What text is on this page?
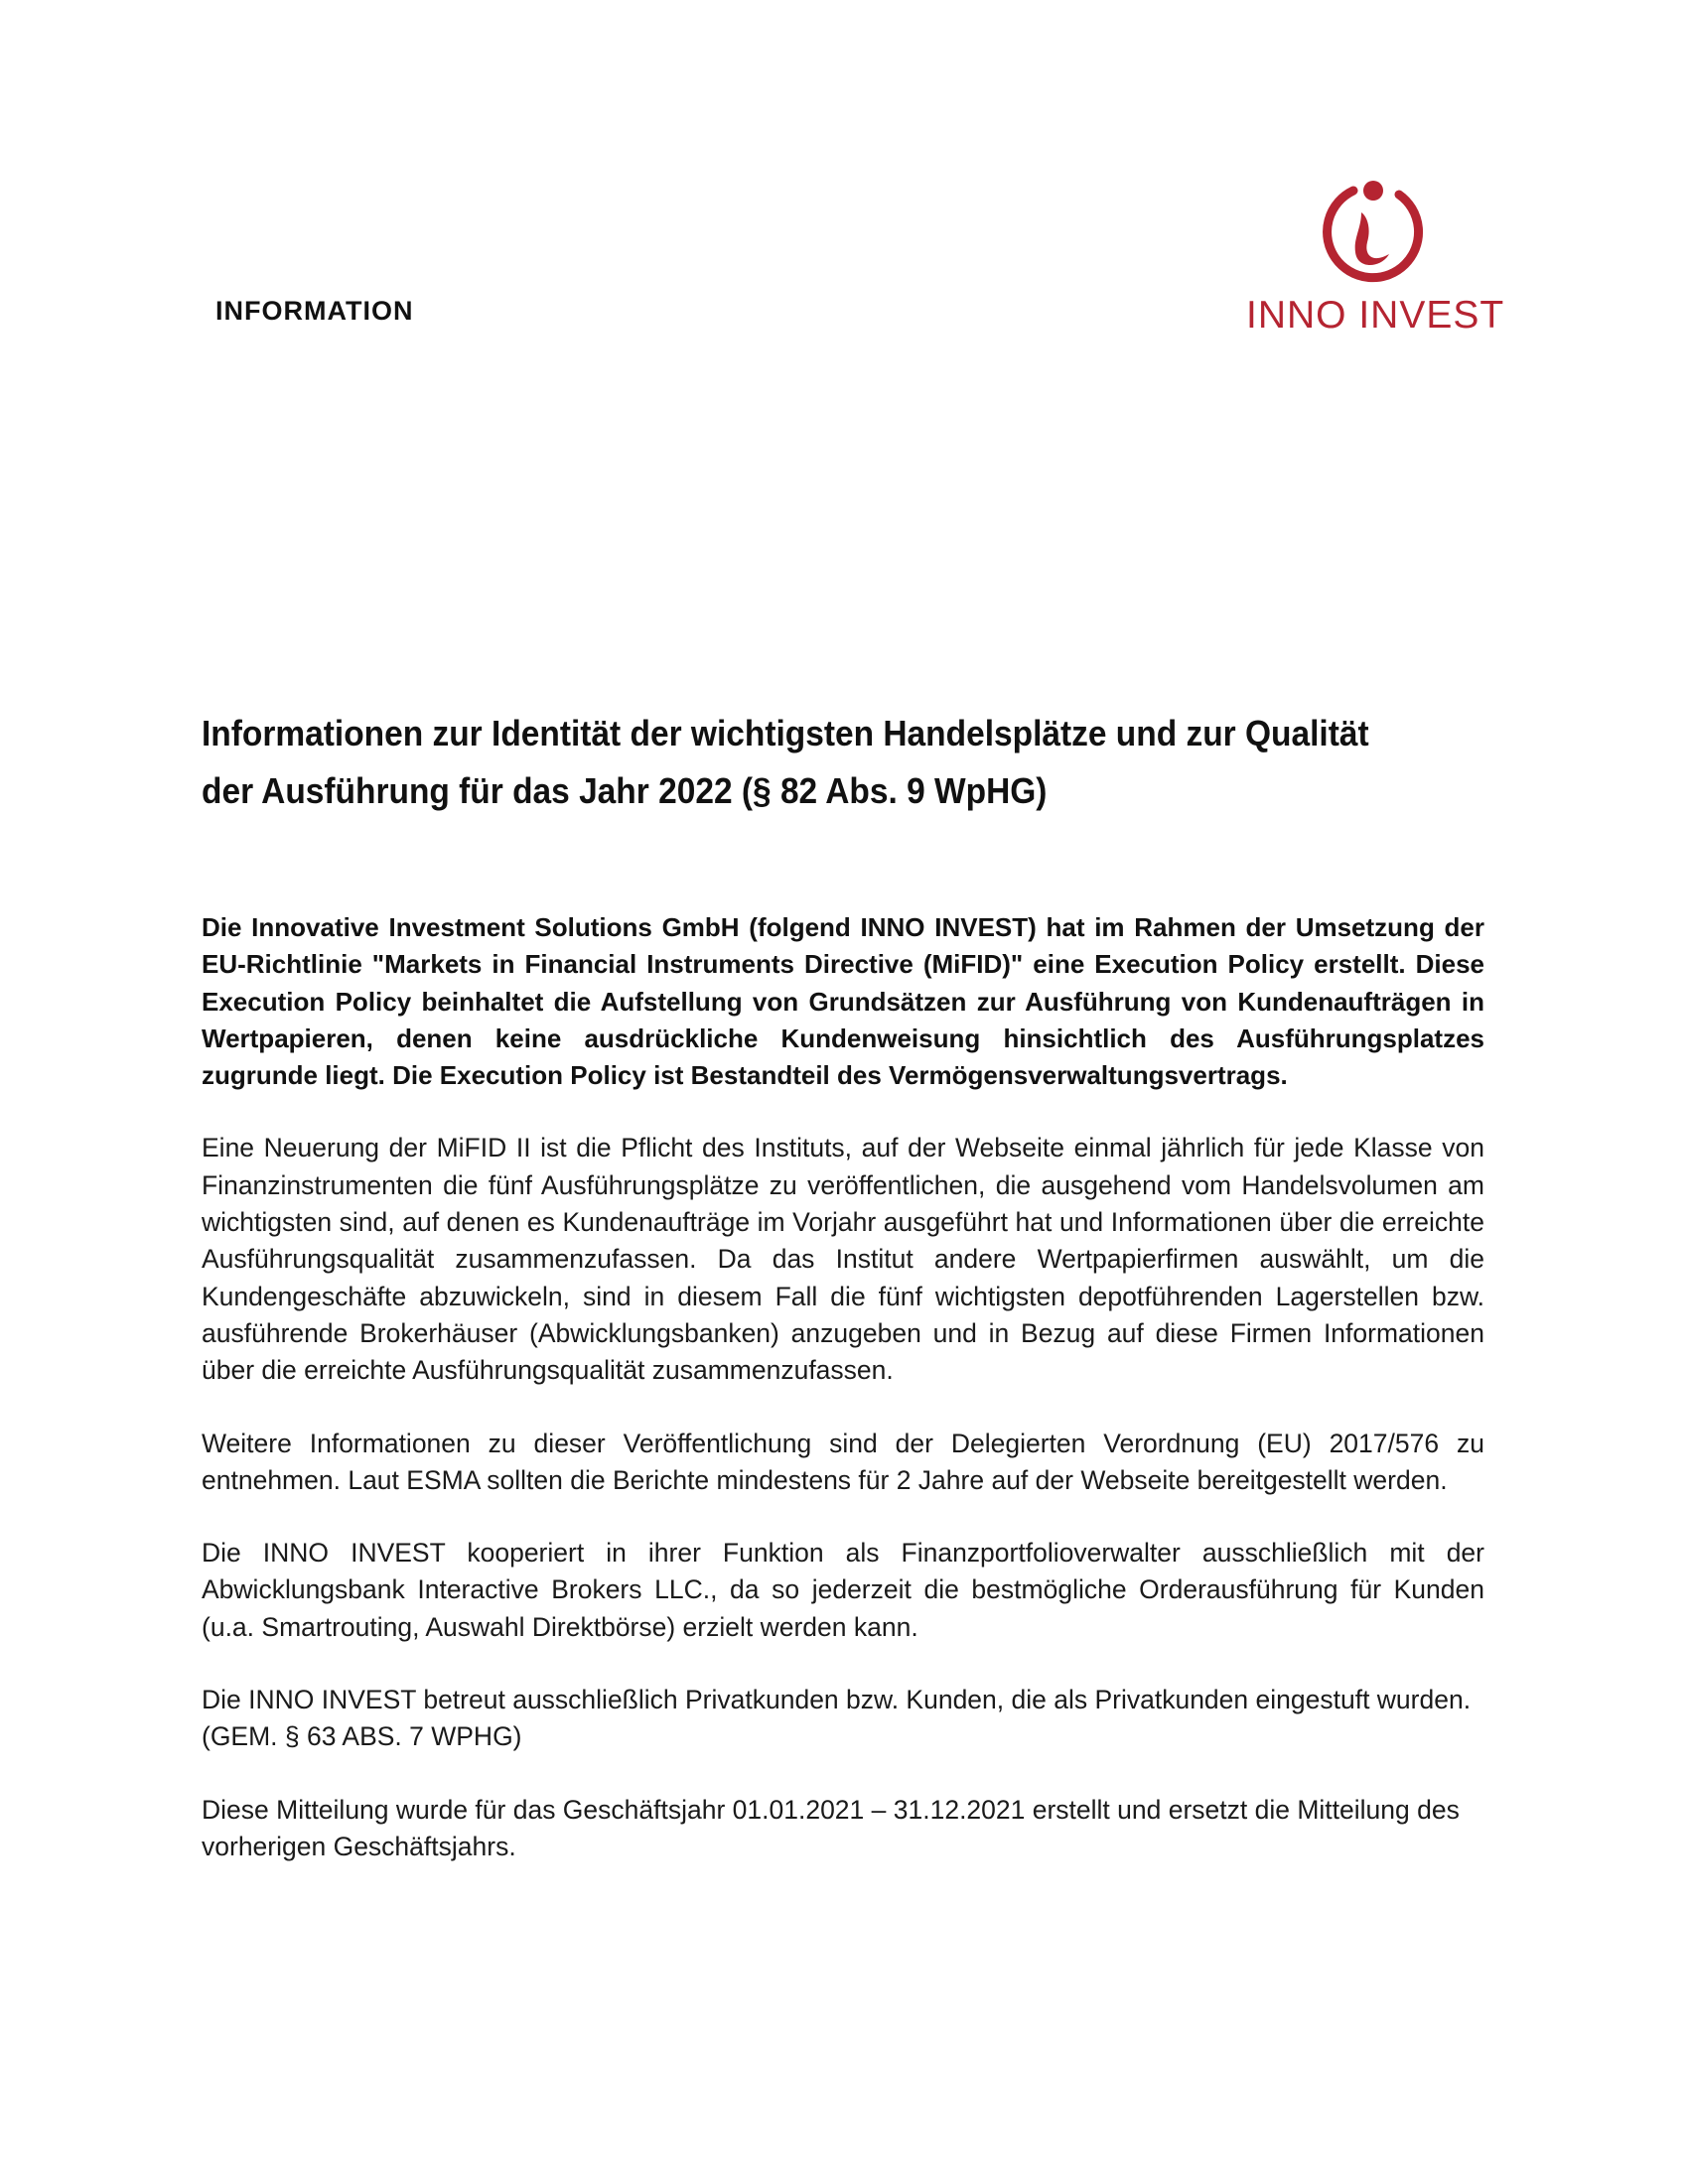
INFORMATION	INNO INVEST
Informationen zur Identität der wichtigsten Handelsplätze und zur Qualität der Ausführung für das Jahr 2022 (§ 82 Abs. 9 WpHG)

Die Innovative Investment Solutions GmbH (folgend INNO INVEST) hat im Rahmen der Umsetzung der EU-Richtlinie "Markets in Financial Instruments Directive (MiFID)" eine Execution Policy erstellt. Diese Execution Policy beinhaltet die Aufstellung von Grundsätzen zur Ausführung von Kundenaufträgen in Wertpapieren, denen keine ausdrückliche Kundenweisung hinsichtlich des Ausführungsplatzes zugrunde liegt. Die Execution Policy ist Bestandteil des Vermögensverwaltungsvertrags.

Eine Neuerung der MiFID II ist die Pflicht des Instituts, auf der Webseite einmal jährlich für jede Klasse von Finanzinstrumenten die fünf Ausführungsplätze zu veröffentlichen, die ausgehend vom Handelsvolumen am wichtigsten sind, auf denen es Kundenaufträge im Vorjahr ausgeführt hat und Informationen über die erreichte Ausführungsqualität zusammenzufassen. Da das Institut andere Wertpapierfirmen auswählt, um die Kundengeschäfte abzuwickeln, sind in diesem Fall die fünf wichtigsten depotführenden Lagerstellen bzw. ausführende Brokerhäuser (Abwicklungsbanken) anzugeben und in Bezug auf diese Firmen Informationen über die erreichte Ausführungsqualität zusammenzufassen.

Weitere Informationen zu dieser Veröffentlichung sind der Delegierten Verordnung (EU) 2017/576 zu entnehmen. Laut ESMA sollten die Berichte mindestens für 2 Jahre auf der Webseite bereitgestellt werden.

Die INNO INVEST kooperiert in ihrer Funktion als Finanzportfolioverwalter ausschließlich mit der Abwicklungsbank Interactive Brokers LLC., da so jederzeit die bestmögliche Orderausführung für Kunden (u.a. Smartrouting, Auswahl Direktbörse) erzielt werden kann.

Die INNO INVEST betreut ausschließlich Privatkunden bzw. Kunden, die als Privatkunden eingestuft wurden. (GEM. § 63 ABS. 7 WPHG)

Diese Mitteilung wurde für das Geschäftsjahr 01.01.2021 – 31.12.2021 erstellt und ersetzt die Mitteilung des vorherigen Geschäftsjahrs.
